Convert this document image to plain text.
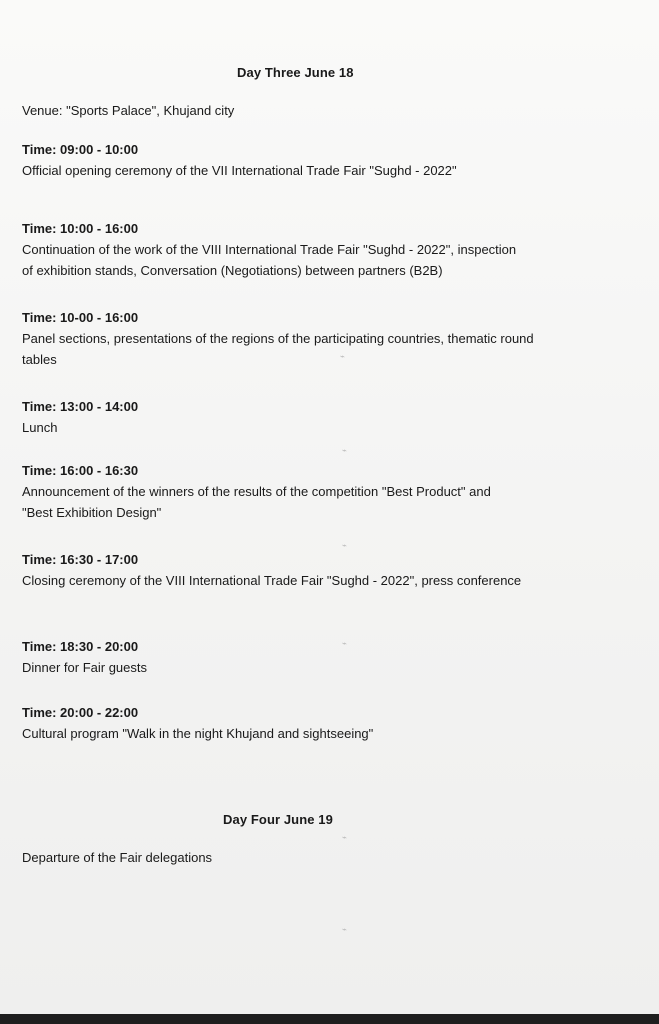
Day Three June 18
Venue: "Sports Palace", Khujand city
Time: 09:00 - 10:00
Official opening ceremony of the VII International Trade Fair "Sughd - 2022"
Time: 10:00 - 16:00
Continuation of the work of the VIII International Trade Fair "Sughd - 2022", inspection
of exhibition stands, Conversation (Negotiations) between partners (B2B)
Time: 10-00 - 16:00
Panel sections, presentations of the regions of the participating countries, thematic round
tables
Time: 13:00 - 14:00
Lunch
Time: 16:00 - 16:30
Announcement of the winners of the results of the competition "Best Product" and
"Best Exhibition Design"
Time: 16:30 - 17:00
Closing ceremony of the VIII International Trade Fair "Sughd - 2022", press conference
Time: 18:30 - 20:00
Dinner for Fair guests
Time: 20:00 - 22:00
Cultural program "Walk in the night Khujand and sightseeing"
Day Four June 19
Departure of the Fair delegations
⌁
⌁
⌁
⌁
⌁
⌁
